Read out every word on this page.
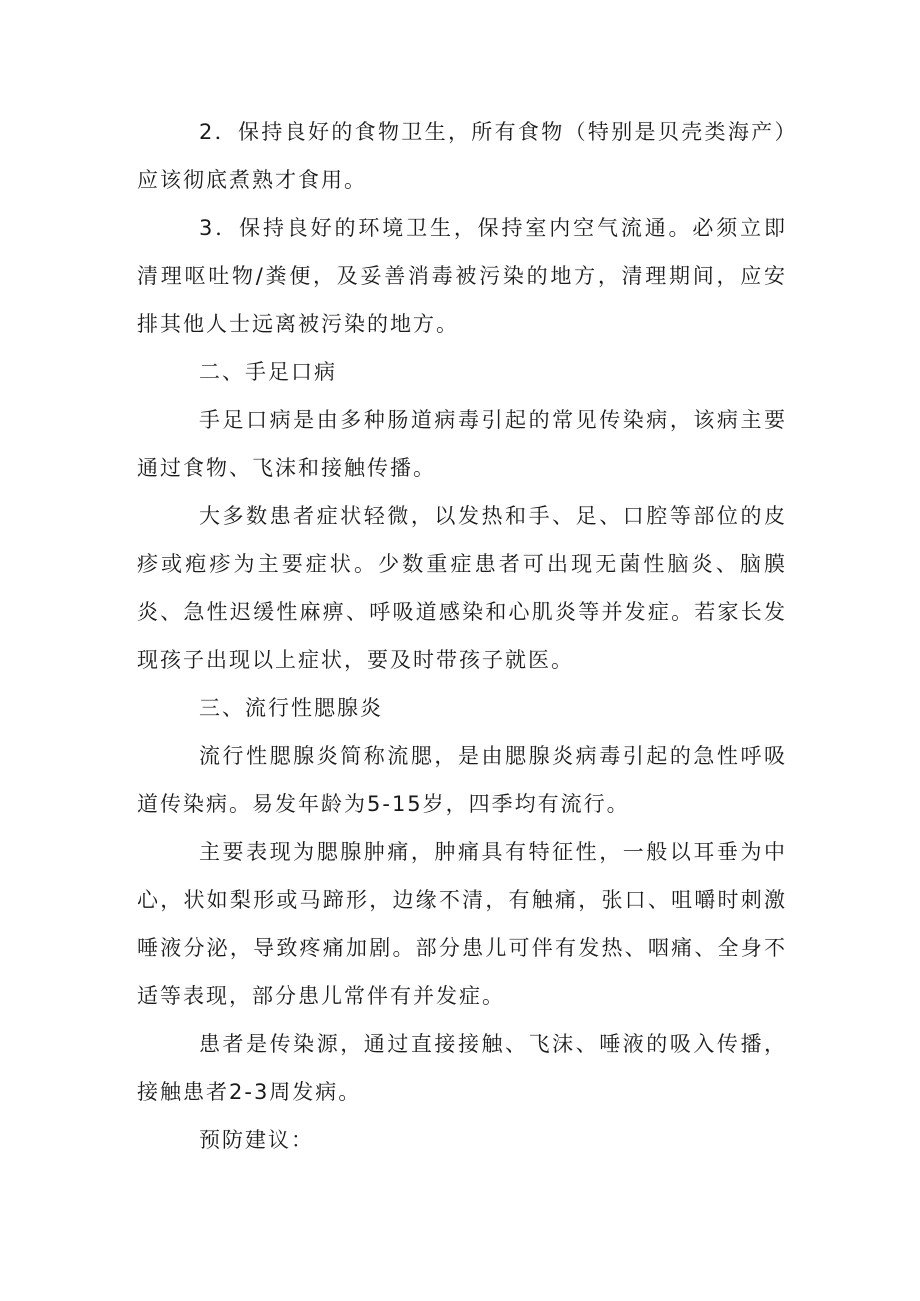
2．保持良好的食物卫生，所有食物（特别是贝壳类海产）应该彻底煮熟才食用。

3．保持良好的环境卫生，保持室内空气流通。必须立即清理呕吐物/粪便，及妥善消毒被污染的地方，清理期间，应安排其他人士远离被污染的地方。

二、手足口病

手足口病是由多种肠道病毒引起的常见传染病，该病主要通过食物、飞沫和接触传播。

大多数患者症状轻微，以发热和手、足、口腔等部位的皮疹或疱疹为主要症状。少数重症患者可出现无菌性脑炎、脑膜炎、急性迟缓性麻痹、呼吸道感染和心肌炎等并发症。若家长发现孩子出现以上症状，要及时带孩子就医。

三、流行性腮腺炎

流行性腮腺炎简称流腮，是由腮腺炎病毒引起的急性呼吸道传染病。易发年龄为5-15岁，四季均有流行。

主要表现为腮腺肿痛，肿痛具有特征性，一般以耳垂为中心，状如梨形或马蹄形，边缘不清，有触痛，张口、咀嚼时刺激唾液分泌，导致疼痛加剧。部分患儿可伴有发热、咽痛、全身不适等表现，部分患儿常伴有并发症。

患者是传染源，通过直接接触、飞沫、唾液的吸入传播，接触患者2-3周发病。

预防建议：
